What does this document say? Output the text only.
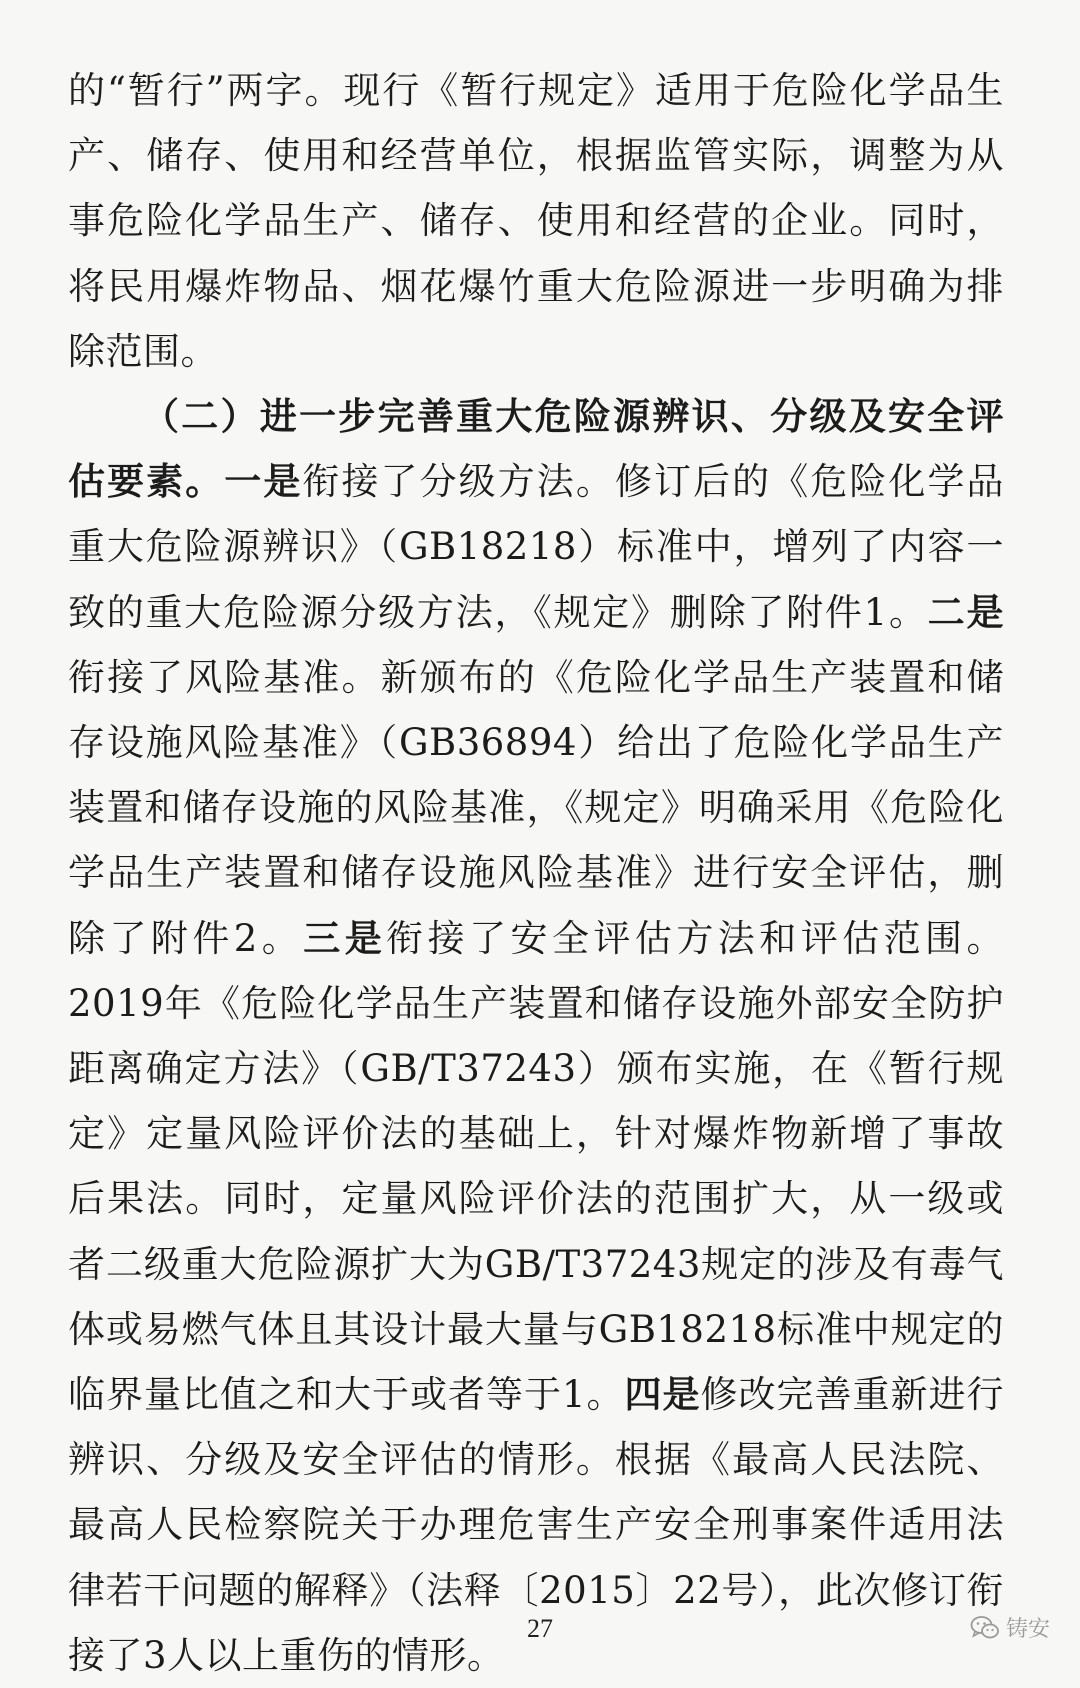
的“暂行”两字。现行《暂行规定》适用于危险化学品生产、储存、使用和经营单位，根据监管实际，调整为从事危险化学品生产、储存、使用和经营的企业。同时，将民用爆炸物品、烟花爆竹重大危险源进一步明确为排除范围。

（二）进一步完善重大危险源辨识、分级及安全评估要素。一是衔接了分级方法。修订后的《危险化学品重大危险源辨识》（GB18218）标准中，增列了内容一致的重大危险源分级方法，《规定》删除了附件1。二是衔接了风险基准。新颁布的《危险化学品生产装置和储存设施风险基准》（GB36894）给出了危险化学品生产装置和储存设施的风险基准，《规定》明确采用《危险化学品生产装置和储存设施风险基准》进行安全评估，删除了附件2。三是衔接了安全评估方法和评估范围。2019年《危险化学品生产装置和储存设施外部安全防护距离确定方法》（GB/T37243）颁布实施，在《暂行规定》定量风险评价法的基础上，针对爆炸物新增了事故后果法。同时，定量风险评价法的范围扩大，从一级或者二级重大危险源扩大为GB/T37243规定的涉及有毒气体或易燃气体且其设计最大量与GB18218标准中规定的临界量比值之和大于或者等于1。四是修改完善重新进行辨识、分级及安全评估的情形。根据《最高人民法院、最高人民检察院关于办理危害生产安全刑事案件适用法律若干问题的解释》（法释〔2015〕22号），此次修订衔接了3人以上重伤的情形。

27	铸安
